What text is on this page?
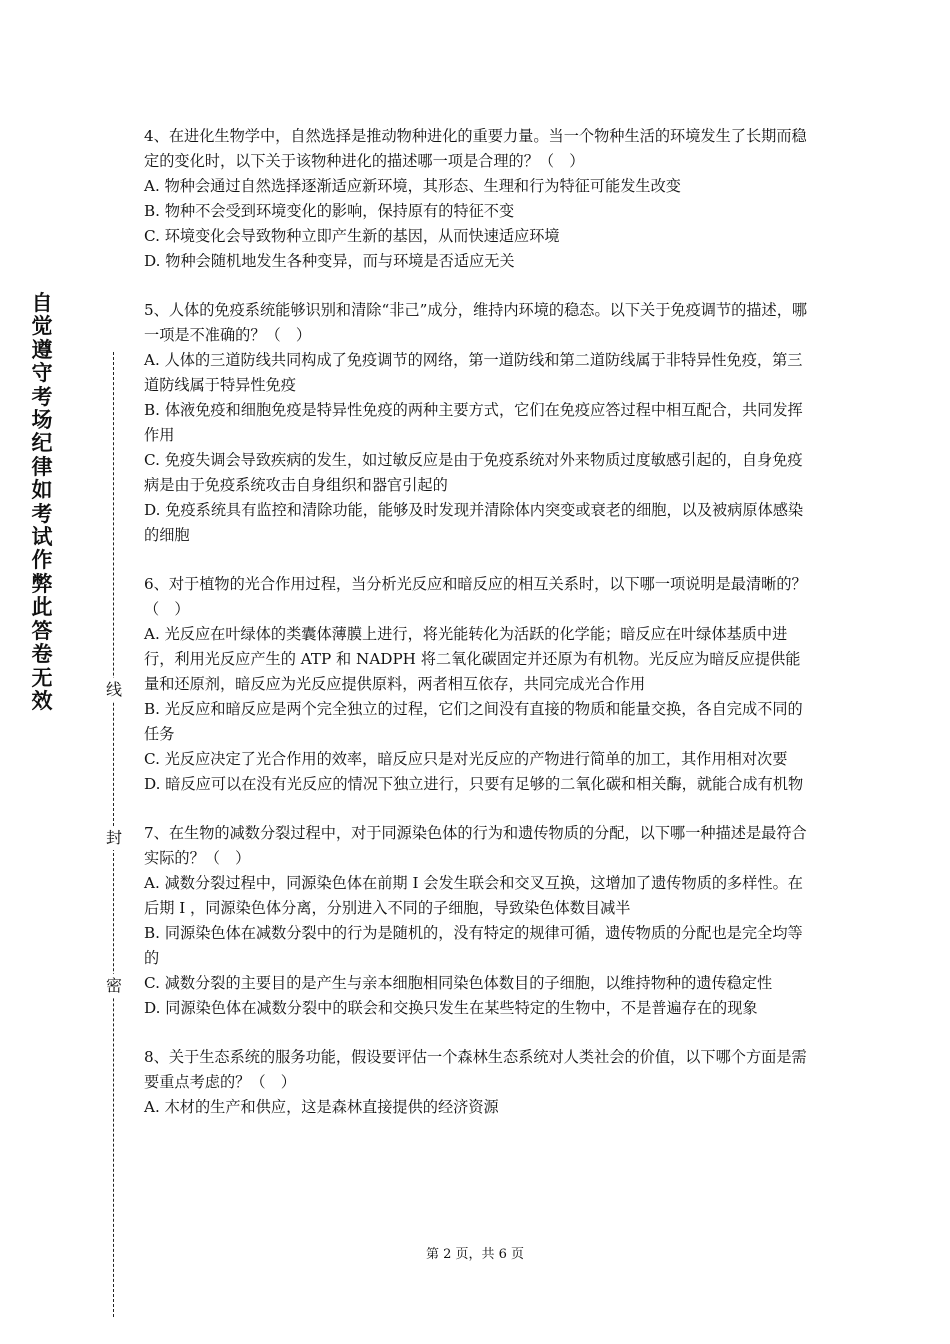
自觉遵守考场纪律如考试作弊此答卷无效	线
封
密

4、在进化生物学中，自然选择是推动物种进化的重要力量。当一个物种生活的环境发生了长期而稳定的变化时，以下关于该物种进化的描述哪一项是合理的？（　）

A. 物种会通过自然选择逐渐适应新环境，其形态、生理和行为特征可能发生改变

B. 物种不会受到环境变化的影响，保持原有的特征不变

C. 环境变化会导致物种立即产生新的基因，从而快速适应环境

D. 物种会随机地发生各种变异，而与环境是否适应无关

5、人体的免疫系统能够识别和清除“非己”成分，维持内环境的稳态。以下关于免疫调节的描述，哪一项是不准确的？（　）

A. 人体的三道防线共同构成了免疫调节的网络，第一道防线和第二道防线属于非特异性免疫，第三道防线属于特异性免疫

B. 体液免疫和细胞免疫是特异性免疫的两种主要方式，它们在免疫应答过程中相互配合，共同发挥作用

C. 免疫失调会导致疾病的发生，如过敏反应是由于免疫系统对外来物质过度敏感引起的，自身免疫病是由于免疫系统攻击自身组织和器官引起的

D. 免疫系统具有监控和清除功能，能够及时发现并清除体内突变或衰老的细胞，以及被病原体感染的细胞

6、对于植物的光合作用过程，当分析光反应和暗反应的相互关系时，以下哪一项说明是最清晰的？（　）

A. 光反应在叶绿体的类囊体薄膜上进行，将光能转化为活跃的化学能；暗反应在叶绿体基质中进行，利用光反应产生的 ATP 和 NADPH 将二氧化碳固定并还原为有机物。光反应为暗反应提供能量和还原剂，暗反应为光反应提供原料，两者相互依存，共同完成光合作用

B. 光反应和暗反应是两个完全独立的过程，它们之间没有直接的物质和能量交换，各自完成不同的任务

C. 光反应决定了光合作用的效率，暗反应只是对光反应的产物进行简单的加工，其作用相对次要

D. 暗反应可以在没有光反应的情况下独立进行，只要有足够的二氧化碳和相关酶，就能合成有机物

7、在生物的减数分裂过程中，对于同源染色体的行为和遗传物质的分配，以下哪一种描述是最符合实际的？（　）

A. 减数分裂过程中，同源染色体在前期 I 会发生联会和交叉互换，这增加了遗传物质的多样性。在后期 I ，同源染色体分离，分别进入不同的子细胞，导致染色体数目减半

B. 同源染色体在减数分裂中的行为是随机的，没有特定的规律可循，遗传物质的分配也是完全均等的

C. 减数分裂的主要目的是产生与亲本细胞相同染色体数目的子细胞，以维持物种的遗传稳定性

D. 同源染色体在减数分裂中的联会和交换只发生在某些特定的生物中，不是普遍存在的现象

8、关于生态系统的服务功能，假设要评估一个森林生态系统对人类社会的价值，以下哪个方面是需要重点考虑的？（　）

A. 木材的生产和供应，这是森林直接提供的经济资源

第 2 页，共 6 页
